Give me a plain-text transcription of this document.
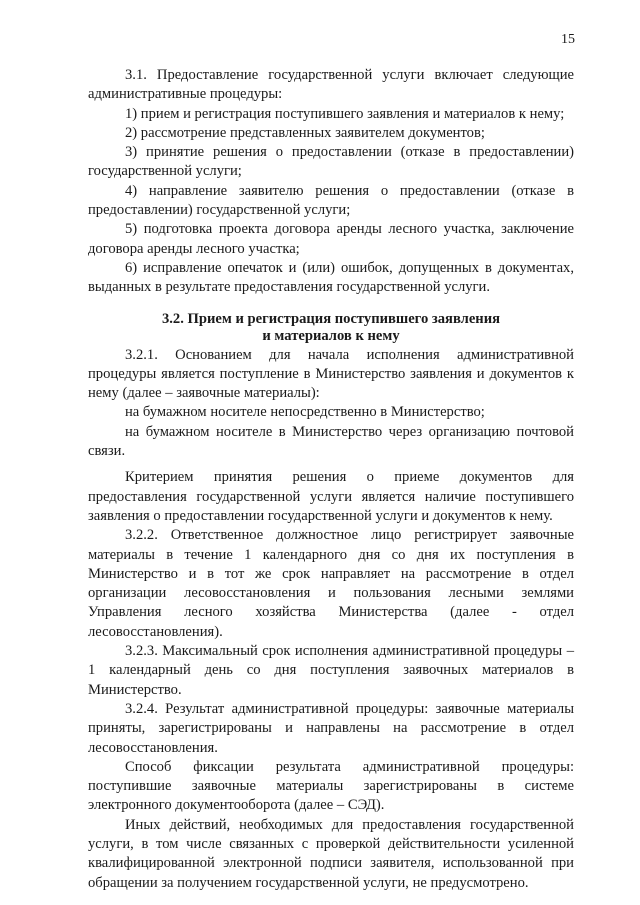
15

3.1. Предоставление государственной услуги включает следующие административные процедуры:

1) прием и регистрация поступившего заявления и материалов к нему;

2) рассмотрение представленных заявителем документов;

3) принятие решения о предоставлении (отказе в предоставлении) государственной услуги;

4) направление заявителю решения о предоставлении (отказе в предоставлении) государственной услуги;

5) подготовка проекта договора аренды лесного участка, заключение договора аренды лесного участка;

6) исправление опечаток и (или) ошибок, допущенных в документах, выданных в результате предоставления государственной услуги.

3.2. Прием и регистрация поступившего заявления
и материалов к нему

3.2.1. Основанием для начала исполнения административной процедуры является поступление в Министерство заявления и документов к нему (далее – заявочные материалы):

на бумажном носителе непосредственно в Министерство;

на бумажном носителе в Министерство через организацию почтовой связи.

Критерием принятия решения о приеме документов для предоставления государственной услуги является наличие поступившего заявления о предоставлении государственной услуги и документов к нему.

3.2.2. Ответственное должностное лицо регистрирует заявочные материалы в течение 1 календарного дня со дня их поступления в Министерство и в тот же срок направляет на рассмотрение в отдел организации лесовосстановления и пользования лесными землями Управления лесного хозяйства Министерства (далее - отдел лесовосстановления).

3.2.3. Максимальный срок исполнения административной процедуры – 1 календарный день со дня поступления заявочных материалов в Министерство.

3.2.4. Результат административной процедуры: заявочные материалы приняты, зарегистрированы и направлены на рассмотрение в отдел лесовосстановления.

Способ фиксации результата административной процедуры: поступившие заявочные материалы зарегистрированы в системе электронного документооборота (далее – СЭД).

Иных действий, необходимых для предоставления государственной услуги, в том числе связанных с проверкой действительности усиленной квалифицированной электронной подписи заявителя, использованной при обращении за получением государственной услуги, не предусмотрено.
